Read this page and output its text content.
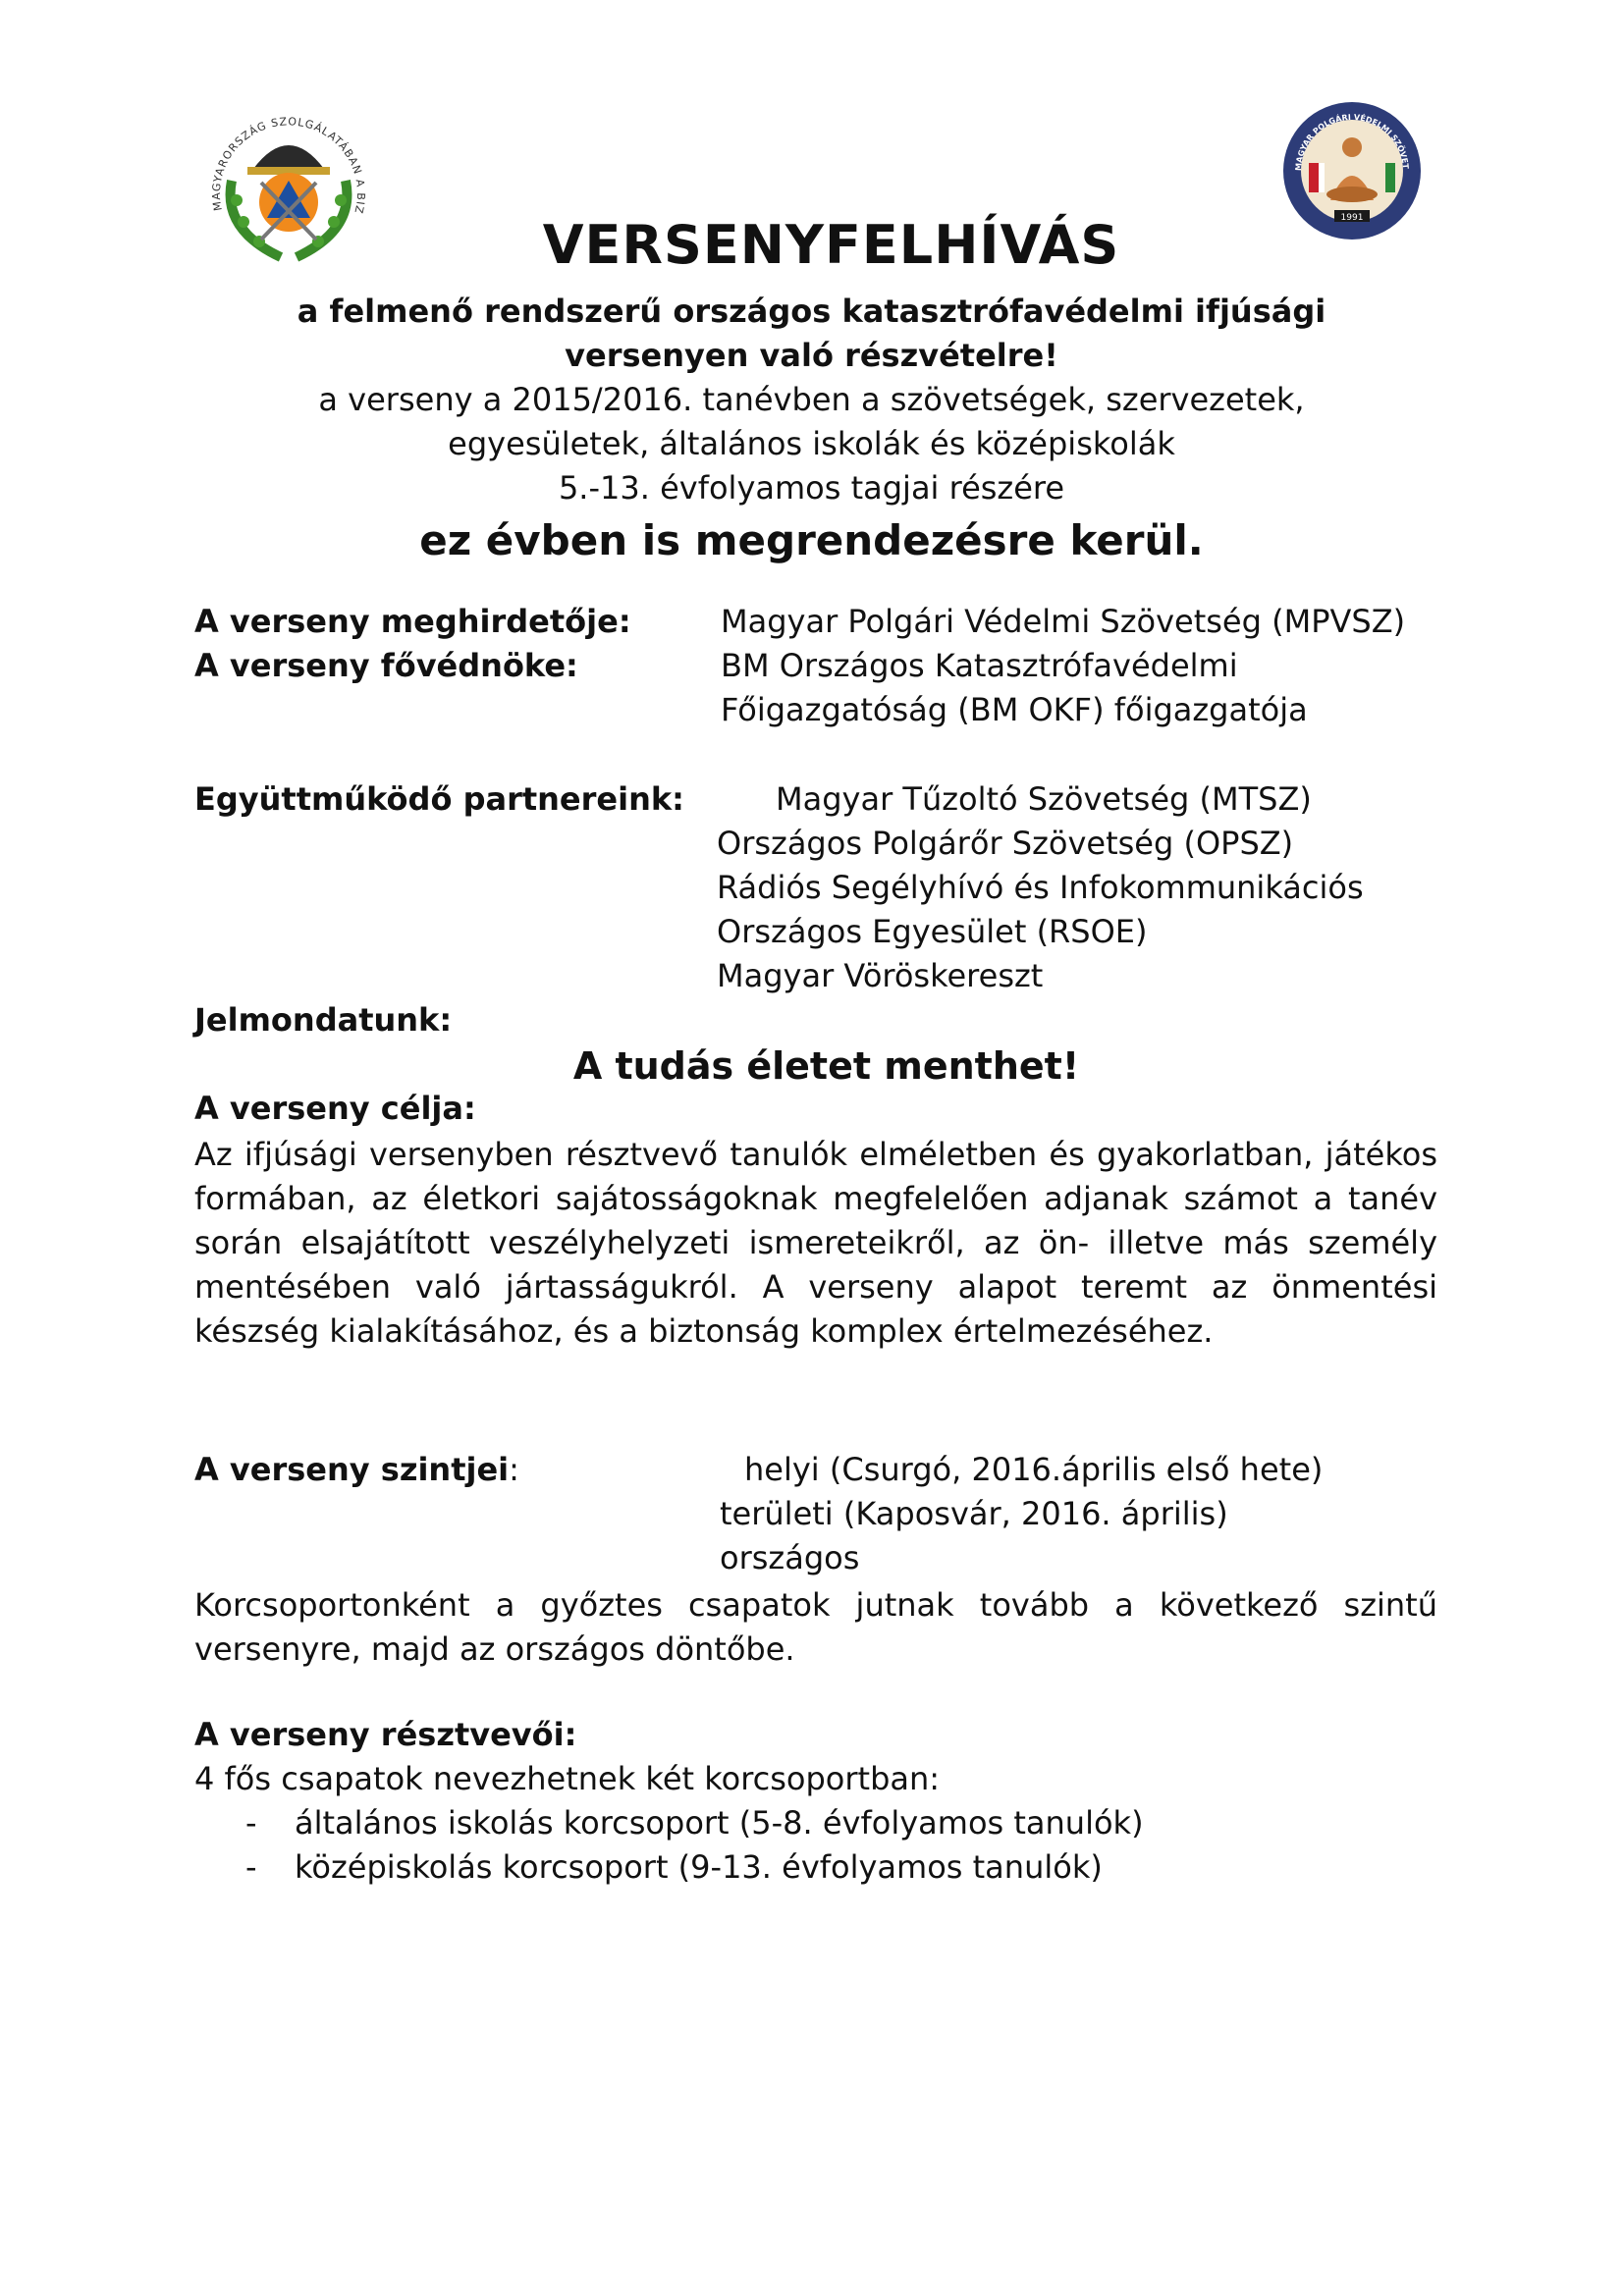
MAGYARORSZÁG SZOLGÁLATÁBAN A BIZ
MAGYAR POLGÁRI VÉDELMI SZÖVET
1991
VERSENYFELHÍVÁS
a felmenő rendszerű országos katasztrófavédelmi ifjúsági
versenyen való részvételre!
a verseny a 2015/2016. tanévben a szövetségek, szervezetek,
egyesületek, általános iskolák és középiskolák
5.-13. évfolyamos tagjai részére
ez évben is megrendezésre kerül.
A verseny meghirdetője:	Magyar Polgári Védelmi Szövetség (MPVSZ)
A verseny fővédnöke:	BM Országos Katasztrófavédelmi
Főigazgatóság (BM OKF) főigazgatója
Együttműködő partnereink:	Magyar Tűzoltó Szövetség (MTSZ)
Országos Polgárőr Szövetség (OPSZ)
Rádiós Segélyhívó és Infokommunikációs
Országos Egyesület (RSOE)
Magyar Vöröskereszt
Jelmondatunk:
A tudás életet menthet!
A verseny célja:
Az ifjúsági versenyben résztvevő tanulók elméletben és gyakorlatban, játékos formában, az életkori sajátosságoknak megfelelően adjanak számot a tanév során elsajátított veszélyhelyzeti ismereteikről, az ön- illetve más személy mentésében való jártasságukról. A verseny alapot teremt az önmentési készség kialakításához, és a biztonság komplex értelmezéséhez.
A verseny szintjei:	helyi (Csurgó, 2016.április első hete)
területi (Kaposvár, 2016. április)
országos
Korcsoportonként a győztes csapatok jutnak tovább a következő szintű versenyre, majd az országos döntőbe.
A verseny résztvevői:
4 fős csapatok nevezhetnek két korcsoportban:
- általános iskolás korcsoport (5-8. évfolyamos tanulók)
- középiskolás korcsoport (9-13. évfolyamos tanulók)
